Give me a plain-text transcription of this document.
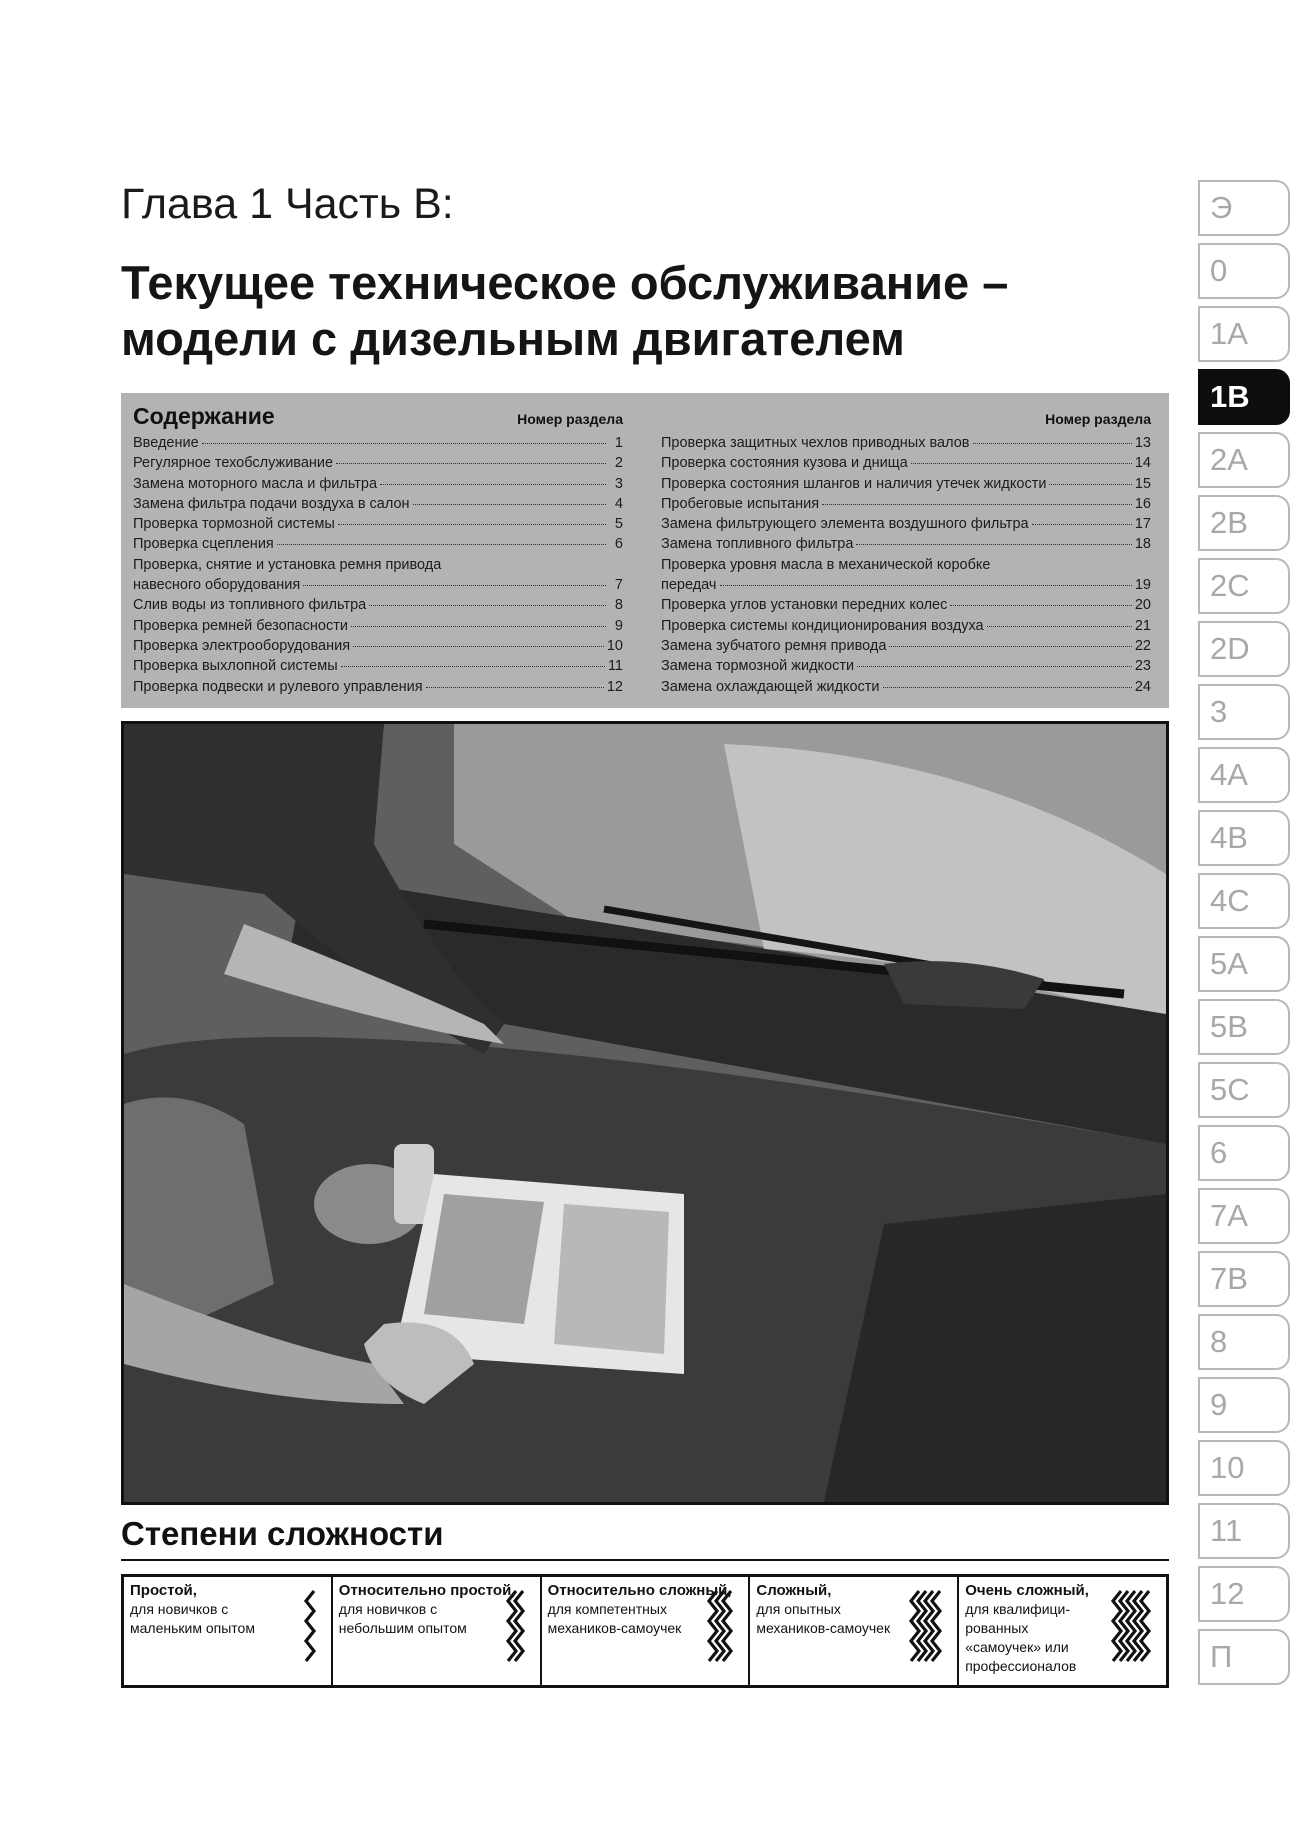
Глава 1 Часть В:
Текущее техническое обслуживание –
модели с дизельным двигателем
Содержание	Номер раздела
Введение	1
Регулярное техобслуживание	2
Замена моторного масла и фильтра	3
Замена фильтра подачи воздуха в салон	4
Проверка тормозной системы	5
Проверка сцепления	6
Проверка, снятие и установка ремня привода
навесного оборудования	7
Слив воды из топливного фильтра	8
Проверка ремней безопасности	9
Проверка электрооборудования	10
Проверка выхлопной системы	11
Проверка подвески и рулевого управления	12
Номер раздела
Проверка защитных чехлов приводных валов	13
Проверка состояния кузова и днища	14
Проверка состояния шлангов и наличия утечек жидкости	15
Пробеговые испытания	16
Замена фильтрующего элемента воздушного фильтра	17
Замена топливного фильтра	18
Проверка уровня масла в механической коробке
передач	19
Проверка углов установки передних колес	20
Проверка системы кондиционирования воздуха	21
Замена зубчатого ремня привода	22
Замена тормозной жидкости	23
Замена охлаждающей жидкости	24
Степени сложности
Простой,
для новичков с маленьким опытом
Относительно простой,
для новичков с небольшим опытом
Относительно сложный,
для компетентных механиков-самоучек
Сложный,
для опытных механиков-самоучек
Очень сложный,
для квалифици-рованных «самоучек» или профессионалов
Э
0
1A
1B
2A
2B
2C
2D
3
4A
4B
4C
5A
5B
5C
6
7A
7B
8
9
10
11
12
П
